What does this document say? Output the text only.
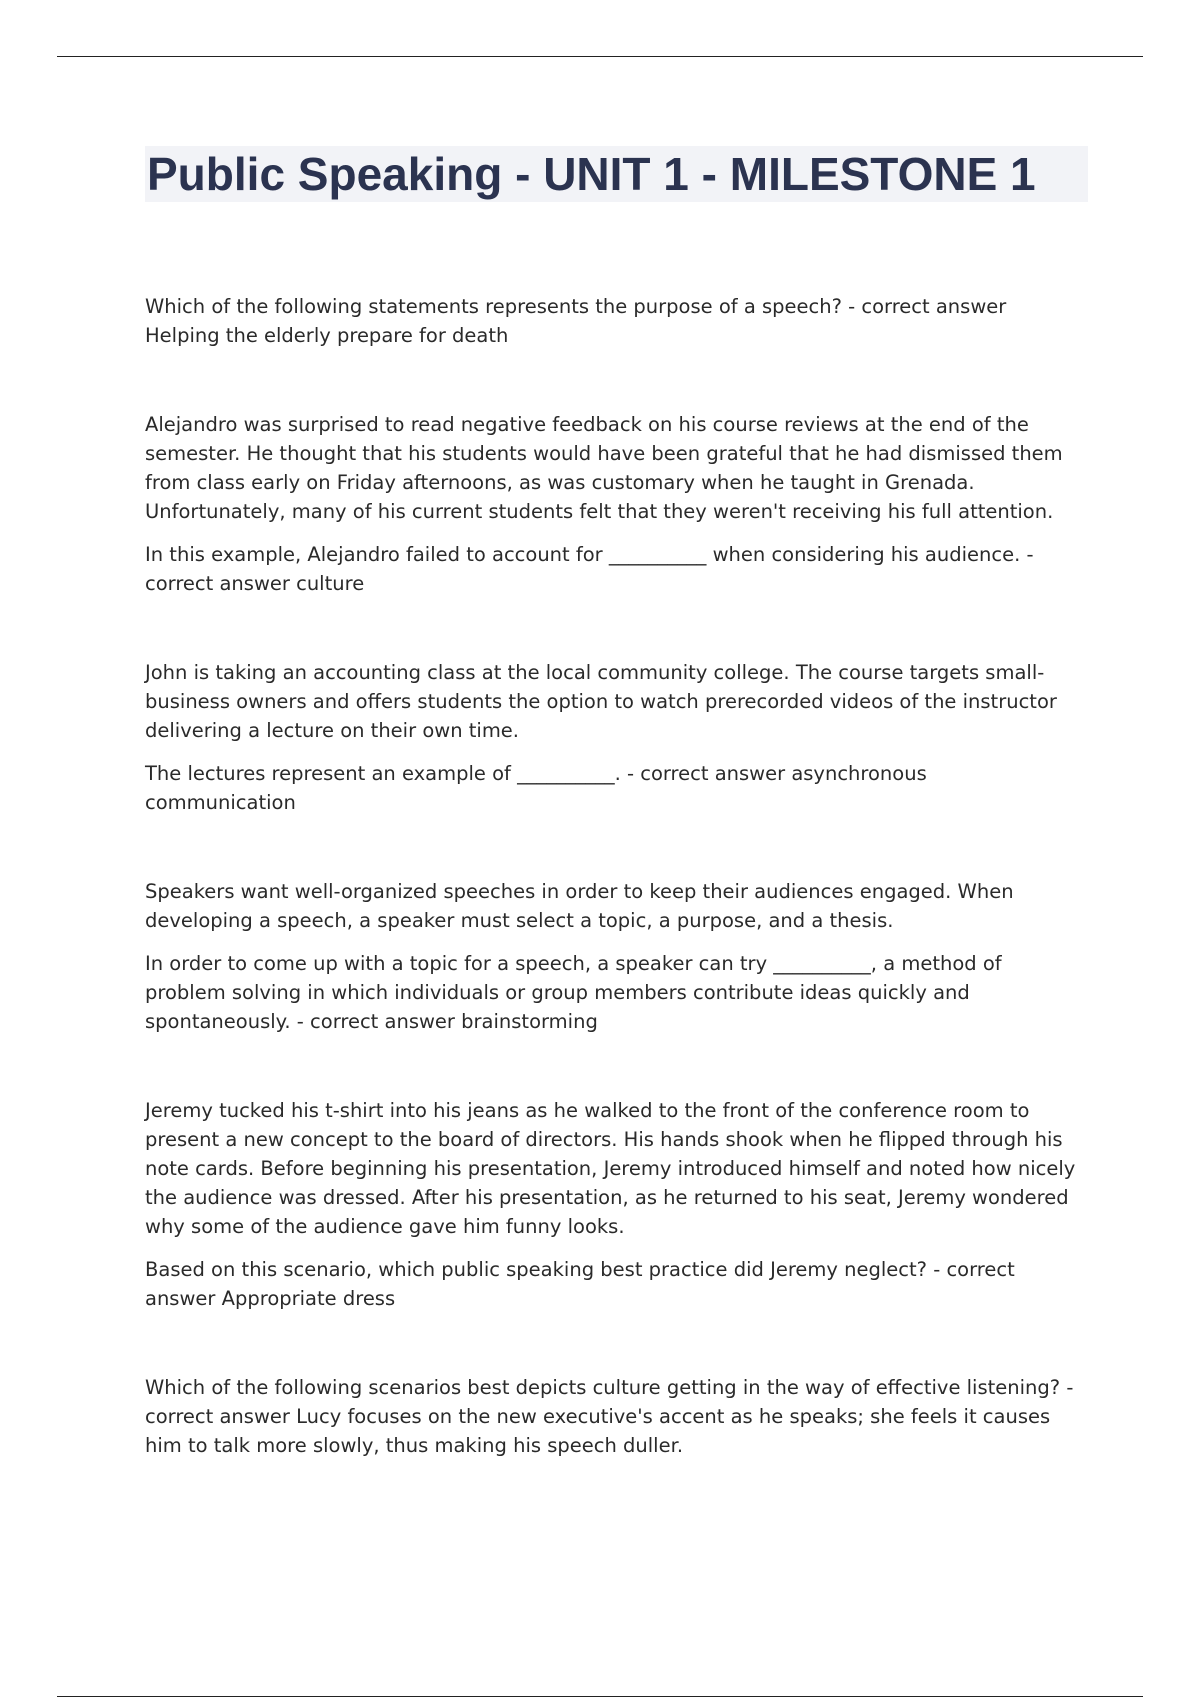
Public Speaking - UNIT 1 - MILESTONE 1

Which of the following statements represents the purpose of a speech? - correct answer Helping the elderly prepare for death

Alejandro was surprised to read negative feedback on his course reviews at the end of the semester. He thought that his students would have been grateful that he had dismissed them from class early on Friday afternoons, as was customary when he taught in Grenada. Unfortunately, many of his current students felt that they weren't receiving his full attention.

In this example, Alejandro failed to account for __________ when considering his audience. - correct answer culture

John is taking an accounting class at the local community college. The course targets small-business owners and offers students the option to watch prerecorded videos of the instructor delivering a lecture on their own time.

The lectures represent an example of __________. - correct answer asynchronous communication

Speakers want well-organized speeches in order to keep their audiences engaged. When developing a speech, a speaker must select a topic, a purpose, and a thesis.

In order to come up with a topic for a speech, a speaker can try __________, a method of problem solving in which individuals or group members contribute ideas quickly and spontaneously. - correct answer brainstorming

Jeremy tucked his t-shirt into his jeans as he walked to the front of the conference room to present a new concept to the board of directors. His hands shook when he flipped through his note cards. Before beginning his presentation, Jeremy introduced himself and noted how nicely the audience was dressed. After his presentation, as he returned to his seat, Jeremy wondered why some of the audience gave him funny looks.

Based on this scenario, which public speaking best practice did Jeremy neglect? - correct answer Appropriate dress

Which of the following scenarios best depicts culture getting in the way of effective listening? - correct answer Lucy focuses on the new executive's accent as he speaks; she feels it causes him to talk more slowly, thus making his speech duller.
